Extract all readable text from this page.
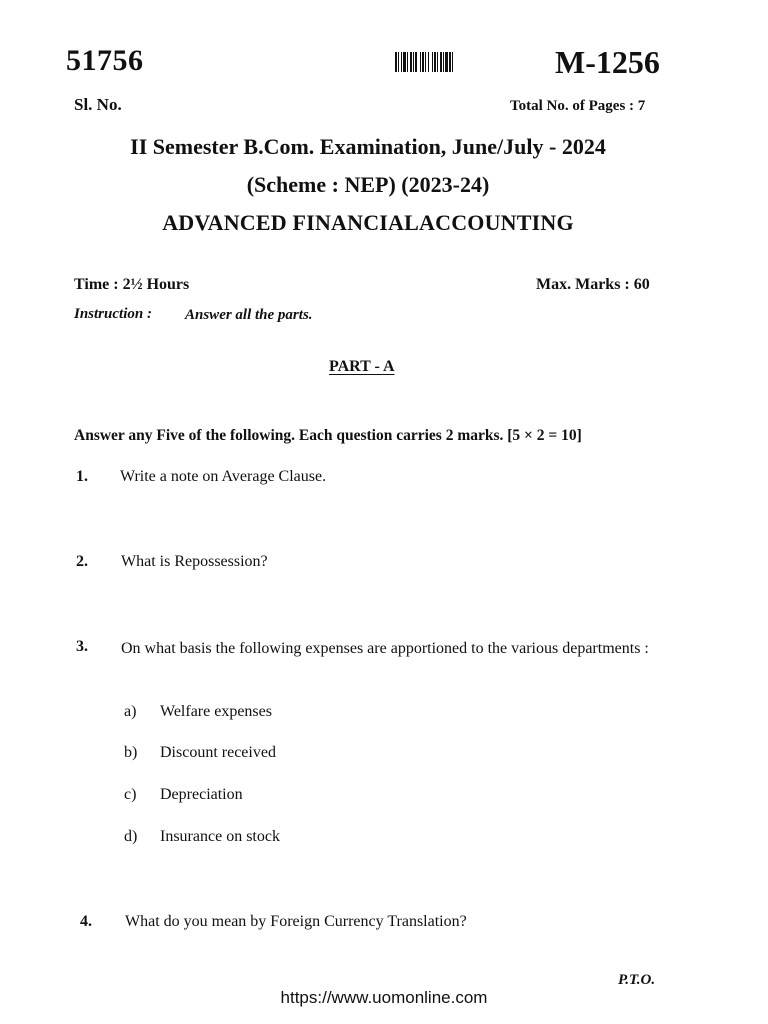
51756	M-1256
Sl. No.	Total No. of Pages : 7
II Semester B.Com. Examination, June/July - 2024
(Scheme : NEP) (2023-24)
ADVANCED FINANCIALACCOUNTING
Time : 2½ Hours	Max. Marks : 60
Instruction : Answer all the parts.
PART - A
Answer any Five of the following. Each question carries 2 marks. [5 × 2 = 10]
1. Write a note on Average Clause.
2. What is Repossession?
3. On what basis the following expenses are apportioned to the various departments :
a) Welfare expenses
b) Discount received
c) Depreciation
d) Insurance on stock
4. What do you mean by Foreign Currency Translation?
P.T.O.
https://www.uomonline.com
